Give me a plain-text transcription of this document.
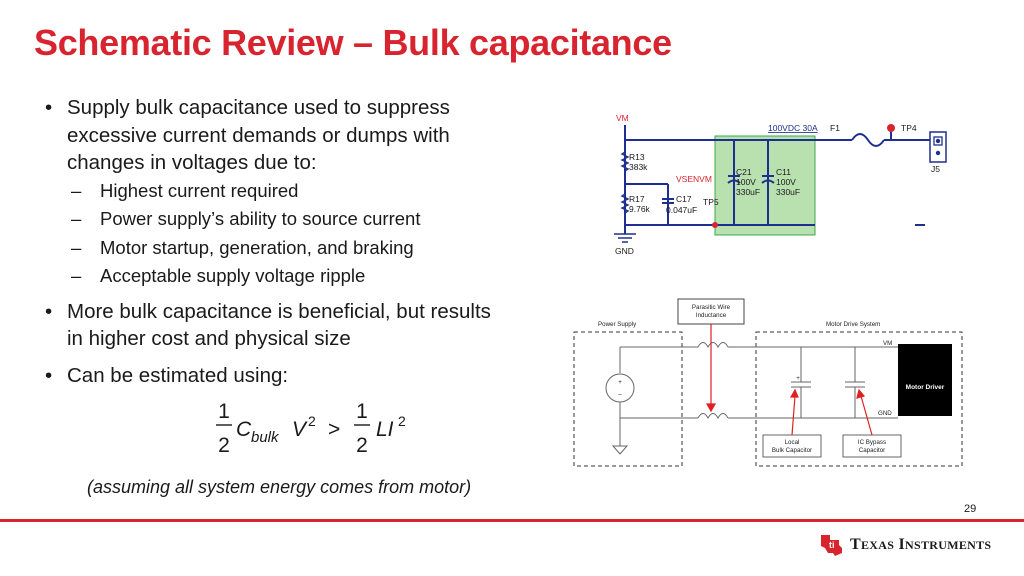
Schematic Review – Bulk capacitance

• Supply bulk capacitance used to suppress
excessive current demands or dumps with
changes in voltages due to:

– Highest current required

– Power supply’s ability to source current

– Motor startup, generation, and braking

– Acceptable supply voltage ripple

• More bulk capacitance is beneficial, but results
in higher cost and physical size

• Can be estimated using:

1
2
C bulk V 2 >
1
2
LI 2
(assuming all system energy comes from motor)
VM
100VDC 30A F1	TP4
J5
R13
383k
VSENVM
R17
9.76k
C17
0.047uF
TP5
C21
100V
330uF
C11
100V
330uF
GND
Parasitic Wire
Inductance
Local
Bulk Capacitor
IC Bypass
Capacitor
+
–
+
Power Supply	Motor Drive System
VM
GND
Motor Driver
29
ti TEXAS INSTRUMENTS
